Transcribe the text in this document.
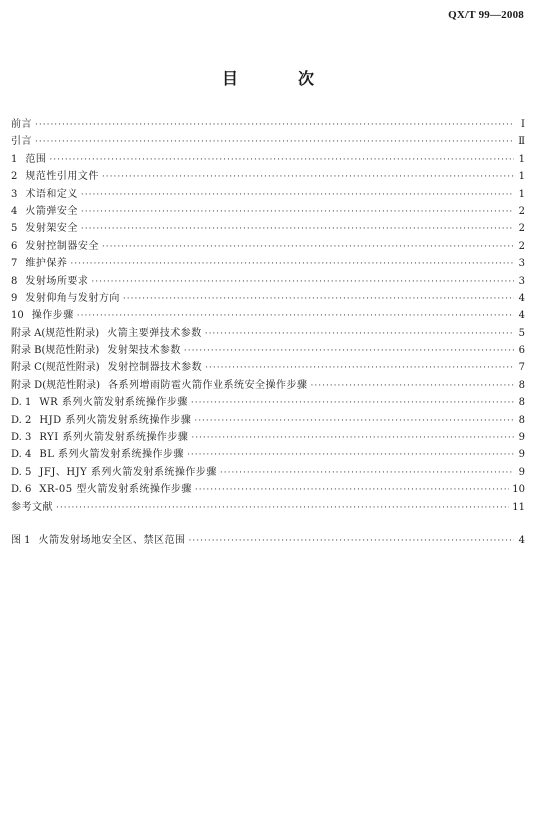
QX/T 99—2008
目　次
前言 ·····	Ⅰ
引言 ·····	Ⅱ
1 范围 ·····	1
2 规范性引用文件 ·····	1
3 术语和定义 ·····	1
4 火箭弹安全 ·····	2
5 发射架安全 ·····	2
6 发射控制器安全 ·····	2
7 维护保养 ·····	3
8 发射场所要求 ·····	3
9 发射仰角与发射方向 ·····	4
10 操作步骤 ·····	4
附录 A(规范性附录) 火箭主要弹技术参数 ·····	5
附录 B(规范性附录) 发射架技术参数 ·····	6
附录 C(规范性附录) 发射控制器技术参数 ·····	7
附录 D(规范性附录) 各系列增雨防雹火箭作业系统安全操作步骤 ·····	8
D. 1 WR 系列火箭发射系统操作步骤 ·····	8
D. 2 HJD 系列火箭发射系统操作步骤 ·····	8
D. 3 RYI 系列火箭发射系统操作步骤 ·····	9
D. 4 BL 系列火箭发射系统操作步骤 ·····	9
D. 5 JFJ、HJY 系列火箭发射系统操作步骤 ·····	9
D. 6 XR-05 型火箭发射系统操作步骤 ·····	10
参考文献 ·····	11
图 1 火箭发射场地安全区、禁区范围 ·····	4
